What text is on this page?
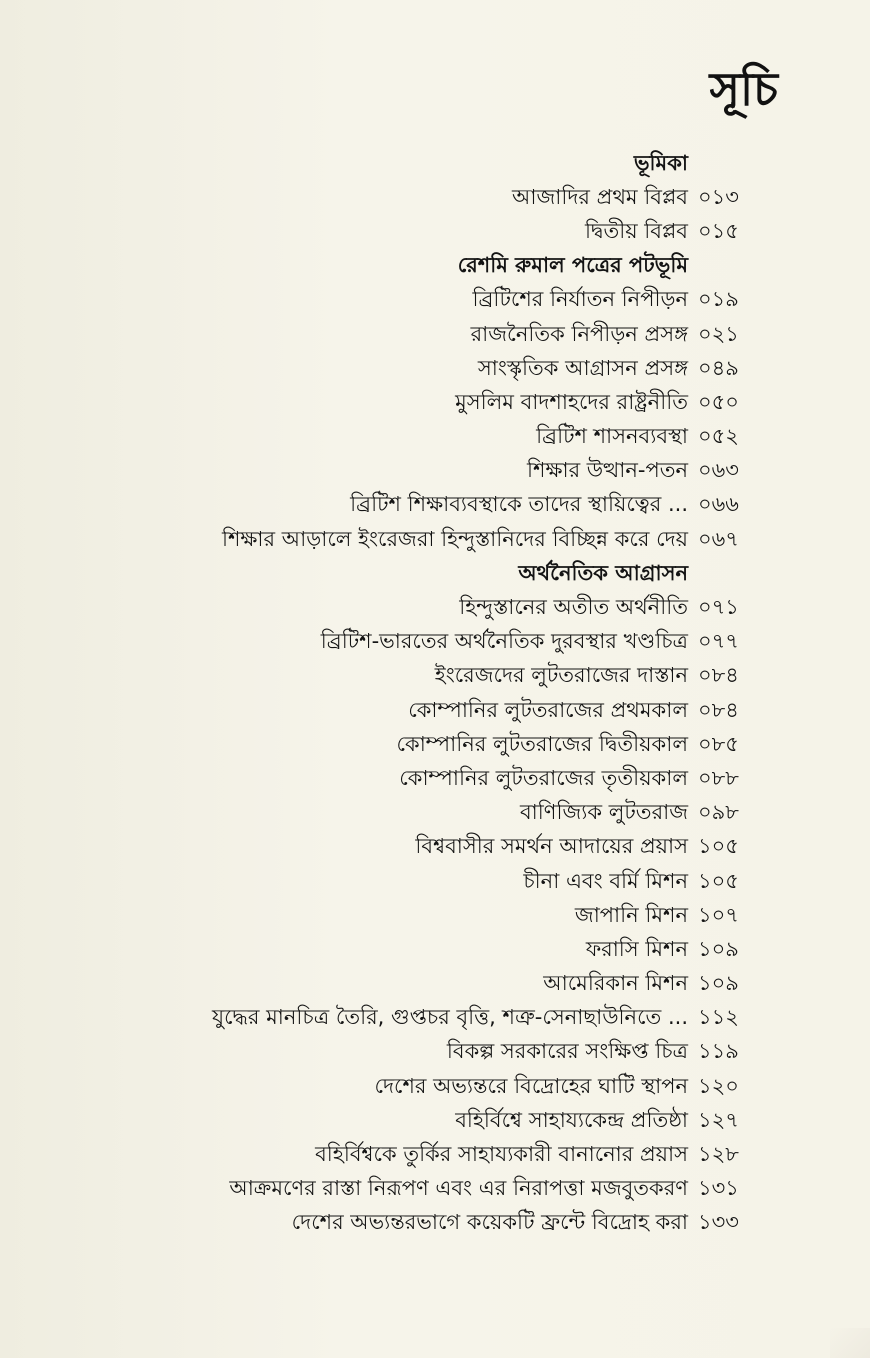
সূচি
ভূমিকা
আজাদির প্রথম বিপ্লব ০১৩
দ্বিতীয় বিপ্লব ০১৫
রেশমি রুমাল পত্রের পটভূমি
ব্রিটিশের নির্যাতন নিপীড়ন ০১৯
রাজনৈতিক নিপীড়ন প্রসঙ্গ ০২১
সাংস্কৃতিক আগ্রাসন প্রসঙ্গ ০৪৯
মুসলিম বাদশাহদের রাষ্ট্রনীতি ০৫০
ব্রিটিশ শাসনব্যবস্থা ০৫২
শিক্ষার উত্থান-পতন ০৬৩
ব্রিটিশ শিক্ষাব্যবস্থাকে তাদের স্থায়িত্বের ... ০৬৬
শিক্ষার আড়ালে ইংরেজরা হিন্দুস্তানিদের বিচ্ছিন্ন করে দেয় ০৬৭
অর্থনৈতিক আগ্রাসন
হিন্দুস্তানের অতীত অর্থনীতি ০৭১
ব্রিটিশ-ভারতের অর্থনৈতিক দুরবস্থার খণ্ডচিত্র ০৭৭
ইংরেজদের লুটতরাজের দাস্তান ০৮৪
কোম্পানির লুটতরাজের প্রথমকাল ০৮৪
কোম্পানির লুটতরাজের দ্বিতীয়কাল ০৮৫
কোম্পানির লুটতরাজের তৃতীয়কাল ০৮৮
বাণিজ্যিক লুটতরাজ ০৯৮
বিশ্ববাসীর সমর্থন আদায়ের প্রয়াস ১০৫
চীনা এবং বর্মি মিশন ১০৫
জাপানি মিশন ১০৭
ফরাসি মিশন ১০৯
আমেরিকান মিশন ১০৯
যুদ্ধের মানচিত্র তৈরি, গুপ্তচর বৃত্তি, শত্রু-সেনাছাউনিতে ... ১১২
বিকল্প সরকারের সংক্ষিপ্ত চিত্র ১১৯
দেশের অভ্যন্তরে বিদ্রোহের ঘাটি স্থাপন ১২০
বহির্বিশ্বে সাহায্যকেন্দ্র প্রতিষ্ঠা ১২৭
বহির্বিশ্বকে তুর্কির সাহায্যকারী বানানোর প্রয়াস ১২৮
আক্রমণের রাস্তা নিরূপণ এবং এর নিরাপত্তা মজবুতকরণ ১৩১
দেশের অভ্যন্তরভাগে কয়েকটি ফ্রন্টে বিদ্রোহ করা ১৩৩
